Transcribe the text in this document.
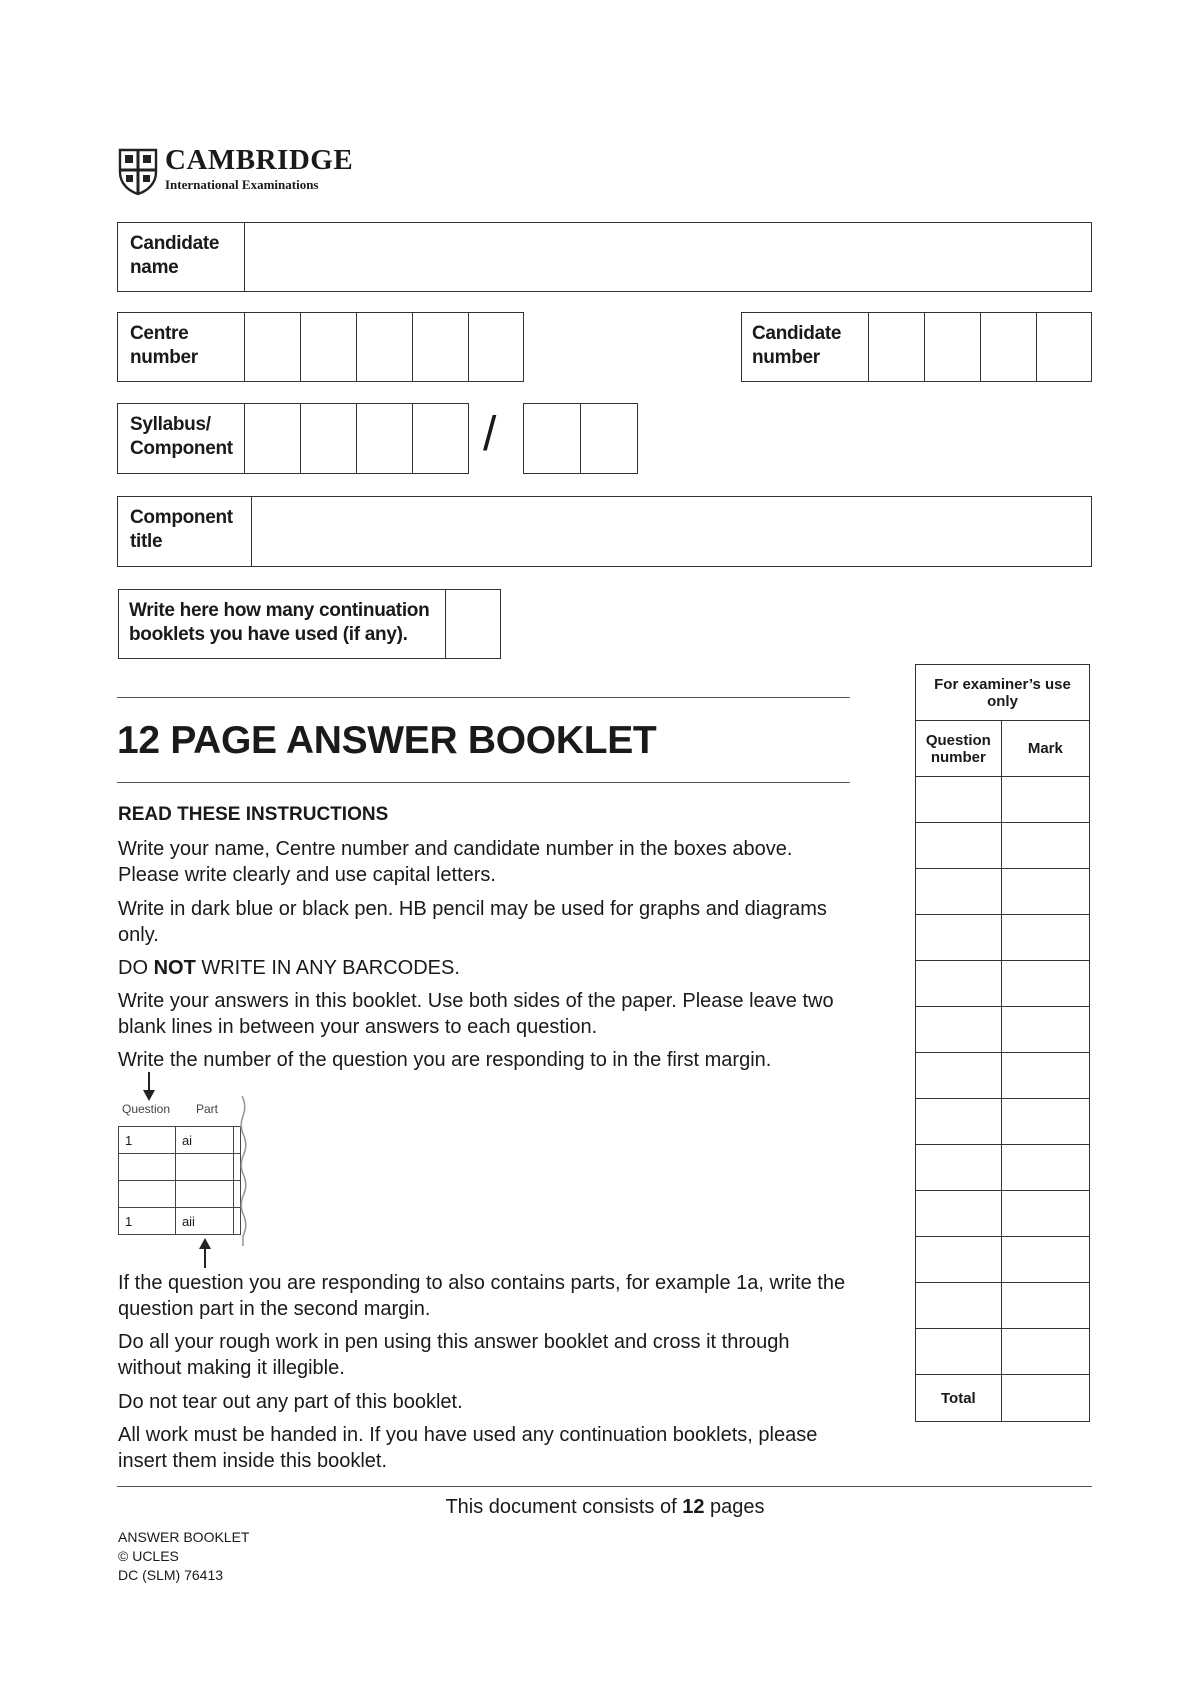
CAMBRIDGE
International Examinations
Candidate name
Centre number
Candidate number
Syllabus/ Component	/
Component title
Write here how many continuation booklets you have used (if any).
12 PAGE ANSWER BOOKLET
READ THESE INSTRUCTIONS

Write your name, Centre number and candidate number in the boxes above. Please write clearly and use capital letters.

Write in dark blue or black pen. HB pencil may be used for graphs and diagrams only.

DO NOT WRITE IN ANY BARCODES.

Write your answers in this booklet. Use both sides of the paper. Please leave two blank lines in between your answers to each question.

Write the number of the question you are responding to in the first margin.

Question Part
1	ai	

1	aii	

If the question you are responding to also contains parts, for example 1a, write the question part in the second margin.

Do all your rough work in pen using this answer booklet and cross it through without making it illegible.

Do not tear out any part of this booklet.

All work must be handed in. If you have used any continuation booklets, please insert them inside this booklet.

For examiner’s use only	
Question number	Mark

Total	
This document consists of 12 pages
ANSWER BOOKLET
© UCLES
DC (SLM) 76413
